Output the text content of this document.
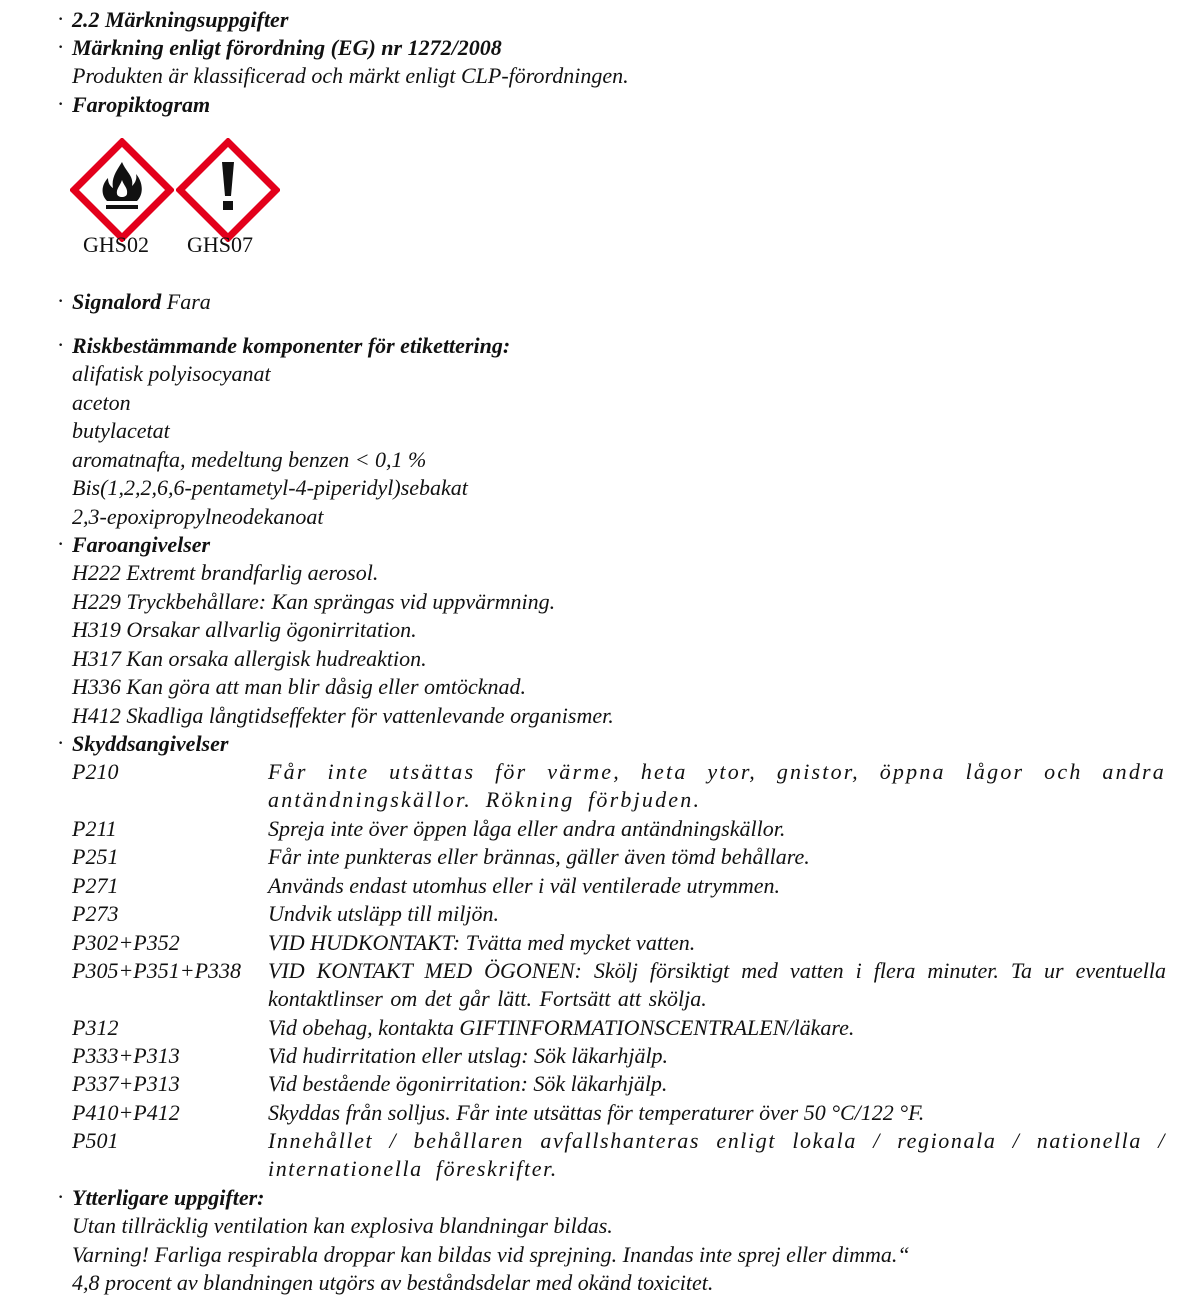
· 2.2 Märkningsuppgifter
· Märkning enligt förordning (EG) nr 1272/2008
Produkten är klassificerad och märkt enligt CLP-förordningen.
· Faropiktogram
GHS02 GHS07
· Signalord Fara
· Riskbestämmande komponenter för etikettering:
alifatisk polyisocyanat
aceton
butylacetat
aromatnafta, medeltung benzen < 0,1 %
Bis(1,2,2,6,6-pentametyl-4-piperidyl)sebakat
2,3-epoxipropylneodekanoat
· Faroangivelser
H222 Extremt brandfarlig aerosol.
H229 Tryckbehållare: Kan sprängas vid uppvärmning.
H319 Orsakar allvarlig ögonirritation.
H317 Kan orsaka allergisk hudreaktion.
H336 Kan göra att man blir dåsig eller omtöcknad.
H412 Skadliga långtidseffekter för vattenlevande organismer.
· Skyddsangivelser
P210	Får inte utsättas för värme, heta ytor, gnistor, öppna lågor och andra antändningskällor. Rökning förbjuden.
P211	Spreja inte över öppen låga eller andra antändningskällor.
P251	Får inte punkteras eller brännas, gäller även tömd behållare.
P271	Används endast utomhus eller i väl ventilerade utrymmen.
P273	Undvik utsläpp till miljön.
P302+P352	VID HUDKONTAKT: Tvätta med mycket vatten.
P305+P351+P338 VID KONTAKT MED ÖGONEN: Skölj försiktigt med vatten i flera minuter. Ta ur eventuella kontaktlinser om det går lätt. Fortsätt att skölja.
P312	Vid obehag, kontakta GIFTINFORMATIONSCENTRALEN/läkare.
P333+P313	Vid hudirritation eller utslag: Sök läkarhjälp.
P337+P313	Vid bestående ögonirritation: Sök läkarhjälp.
P410+P412	Skyddas från solljus. Får inte utsättas för temperaturer över 50 °C/122 °F.
P501	Innehållet / behållaren avfallshanteras enligt lokala / regionala / nationella / internationella föreskrifter.
· Ytterligare uppgifter:
Utan tillräcklig ventilation kan explosiva blandningar bildas.
Varning! Farliga respirabla droppar kan bildas vid sprejning. Inandas inte sprej eller dimma.“
4,8 procent av blandningen utgörs av beståndsdelar med okänd toxicitet.
